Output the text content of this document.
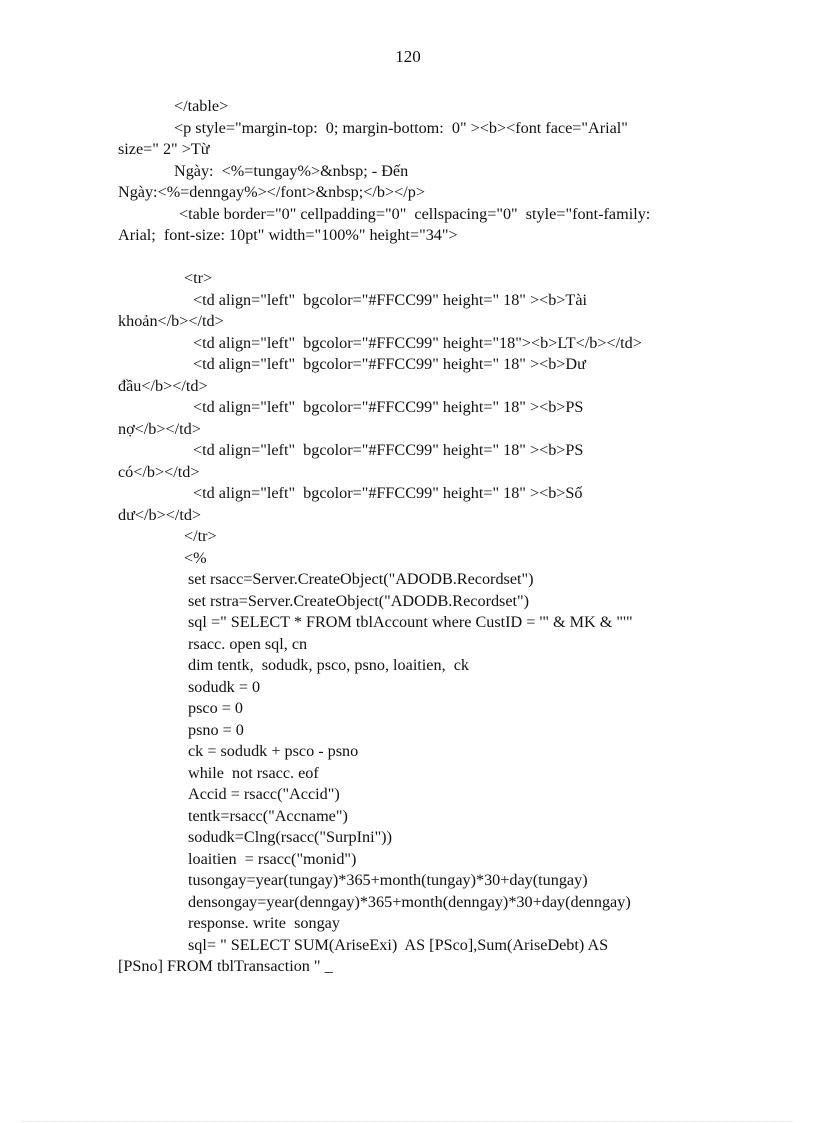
120
</table>
<p style="margin-top:  0; margin-bottom:  0" ><b><font face="Arial"
size=" 2" >Từ
Ngày:  <%=tungay%>&nbsp; - Đến
Ngày:<%=denngay%></font>&nbsp;</b></p>
<table border="0" cellpadding="0"  cellspacing="0"  style="font-family:
Arial;  font-size: 10pt" width="100%" height="34">
<tr>
<td align="left"  bgcolor="#FFCC99" height=" 18" ><b>Tài
khoản</b></td>
<td align="left"  bgcolor="#FFCC99" height="18"><b>LT</b></td>
<td align="left"  bgcolor="#FFCC99" height=" 18" ><b>Dư
đầu</b></td>
<td align="left"  bgcolor="#FFCC99" height=" 18" ><b>PS
nợ</b></td>
<td align="left"  bgcolor="#FFCC99" height=" 18" ><b>PS
có</b></td>
<td align="left"  bgcolor="#FFCC99" height=" 18" ><b>Số
dư</b></td>
</tr>
<%
set rsacc=Server.CreateObject("ADODB.Recordset")
set rstra=Server.CreateObject("ADODB.Recordset")
sql =" SELECT * FROM tblAccount where CustID = '" & MK & "'"
rsacc. open sql, cn
dim tentk,  sodudk, psco, psno, loaitien,  ck
sodudk = 0
psco = 0
psno = 0
ck = sodudk + psco - psno
while  not rsacc. eof
Accid = rsacc("Accid")
tentk=rsacc("Accname")
sodudk=Clng(rsacc("SurpIni"))
loaitien  = rsacc("monid")
tusongay=year(tungay)*365+month(tungay)*30+day(tungay)
densongay=year(denngay)*365+month(denngay)*30+day(denngay)
response. write  songay
sql= " SELECT SUM(AriseExi)  AS [PSco],Sum(AriseDebt) AS
[PSno] FROM tblTransaction " _
